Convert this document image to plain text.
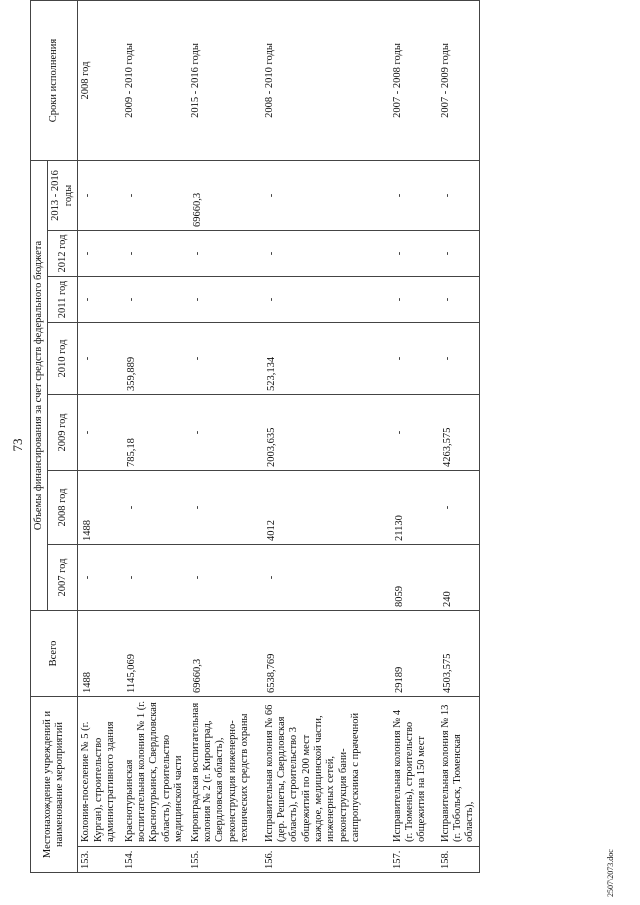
73
Местонахождение учреждений и наименование мероприятий		Всего	Объемы финансирования за счет средств федерального бюджета							Сроки исполнения
			2007 год	2008 год	2009 год	2010 год	2011 год	2012 год	2013 - 2016 годы	
153.	Колония-поселение № 5 (г. Курган), строительство административного здания	1488	-	1488	-	-	-	-	-	2008 год
154.	Краснотурьинская воспитательная колония № 1 (г. Краснотурьинск, Свердловская область), строительство медицинской части	1145,069	-	-	785,18	359,889	-	-	-	2009 - 2010 годы
155.	Кировградская воспитательная колония № 2 (г. Кировград, Свердловская область), реконструкция инженерно-технических средств охраны	69660,3	-	-	-	-	-	-	69660,3	2015 - 2016 годы
156.	Исправительная колония № 66 (дер. Решеты, Свердловская область), строительство 3 общежитий по 200 мест каждое, медицинской части, инженерных сетей, реконструкция бани-санпропускника с прачечной	6538,769	-	4012	2003,635	523,134	-	-	-	2008 - 2010 годы
157.	Исправительная колония № 4 (г. Тюмень), строительство общежития на 150 мест	29189	8059	21130	-	-	-	-	-	2007 - 2008 годы
158.	Исправительная колония № 13 (г. Тобольск, Тюменская область),	4503,575	240	-	4263,575	-	-	-	-	2007 - 2009 годы
2507\2073.doc
